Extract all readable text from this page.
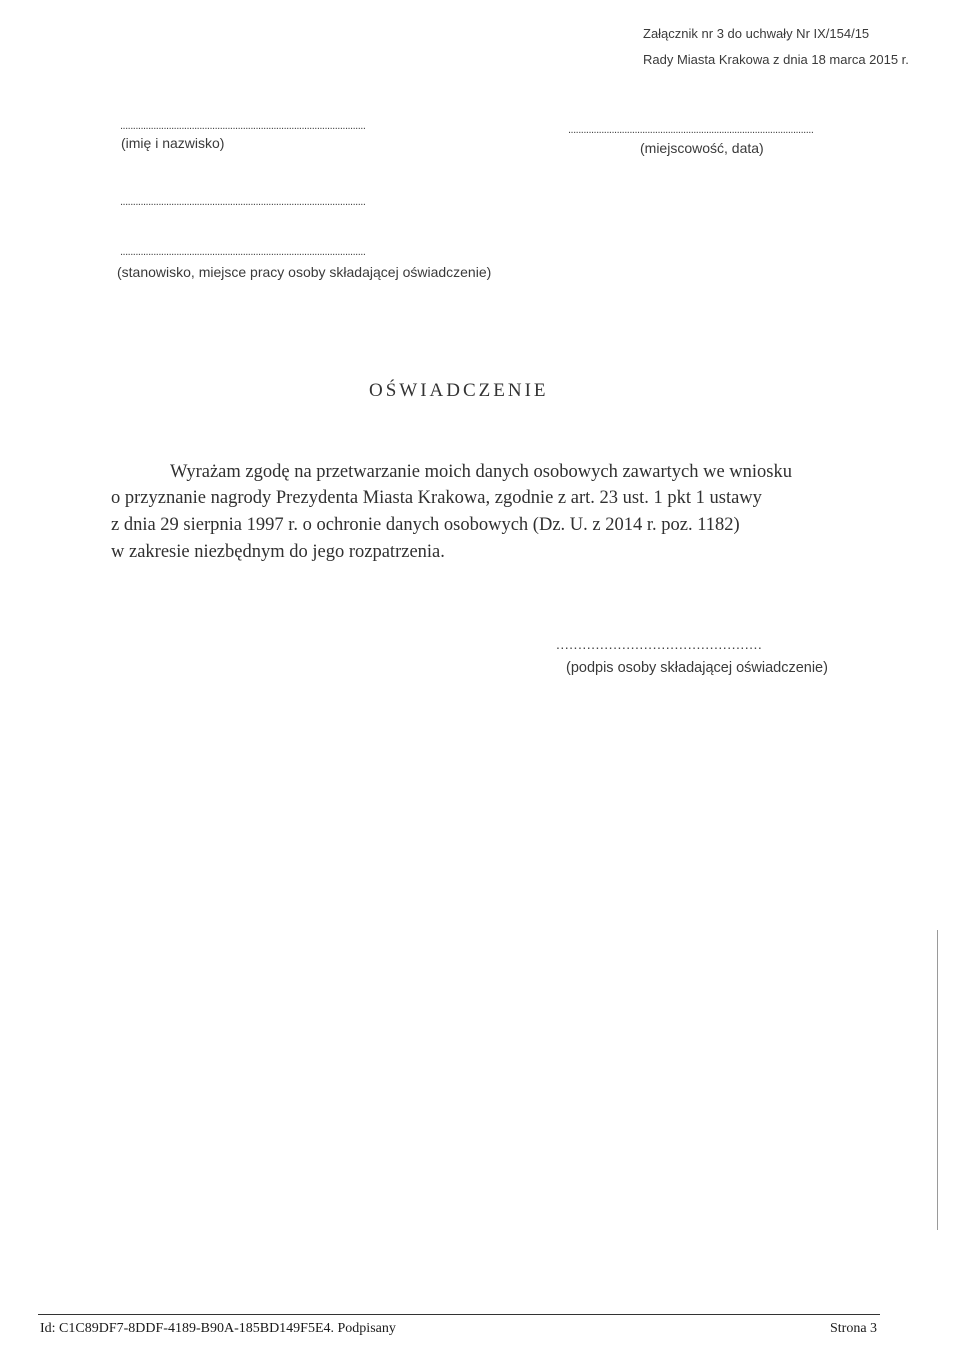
Załącznik nr 3 do uchwały Nr IX/154/15
Rady Miasta Krakowa z dnia 18 marca 2015 r.
................................................................................................
(imię i nazwisko)
................................................................................................
(miejscowość, data)
................................................................................................
................................................................................................
(stanowisko, miejsce pracy osoby składającej oświadczenie)
OŚWIADCZENIE
Wyrażam zgodę na przetwarzanie moich danych osobowych zawartych we wniosku
o przyznanie nagrody Prezydenta Miasta Krakowa, zgodnie z art. 23 ust. 1 pkt 1 ustawy
z dnia 29 sierpnia 1997 r. o ochronie danych osobowych (Dz. U. z 2014 r. poz. 1182)
w zakresie niezbędnym do jego rozpatrzenia.
...............................................
(podpis osoby składającej oświadczenie)
Id: C1C89DF7-8DDF-4189-B90A-185BD149F5E4. Podpisany	Strona 3
